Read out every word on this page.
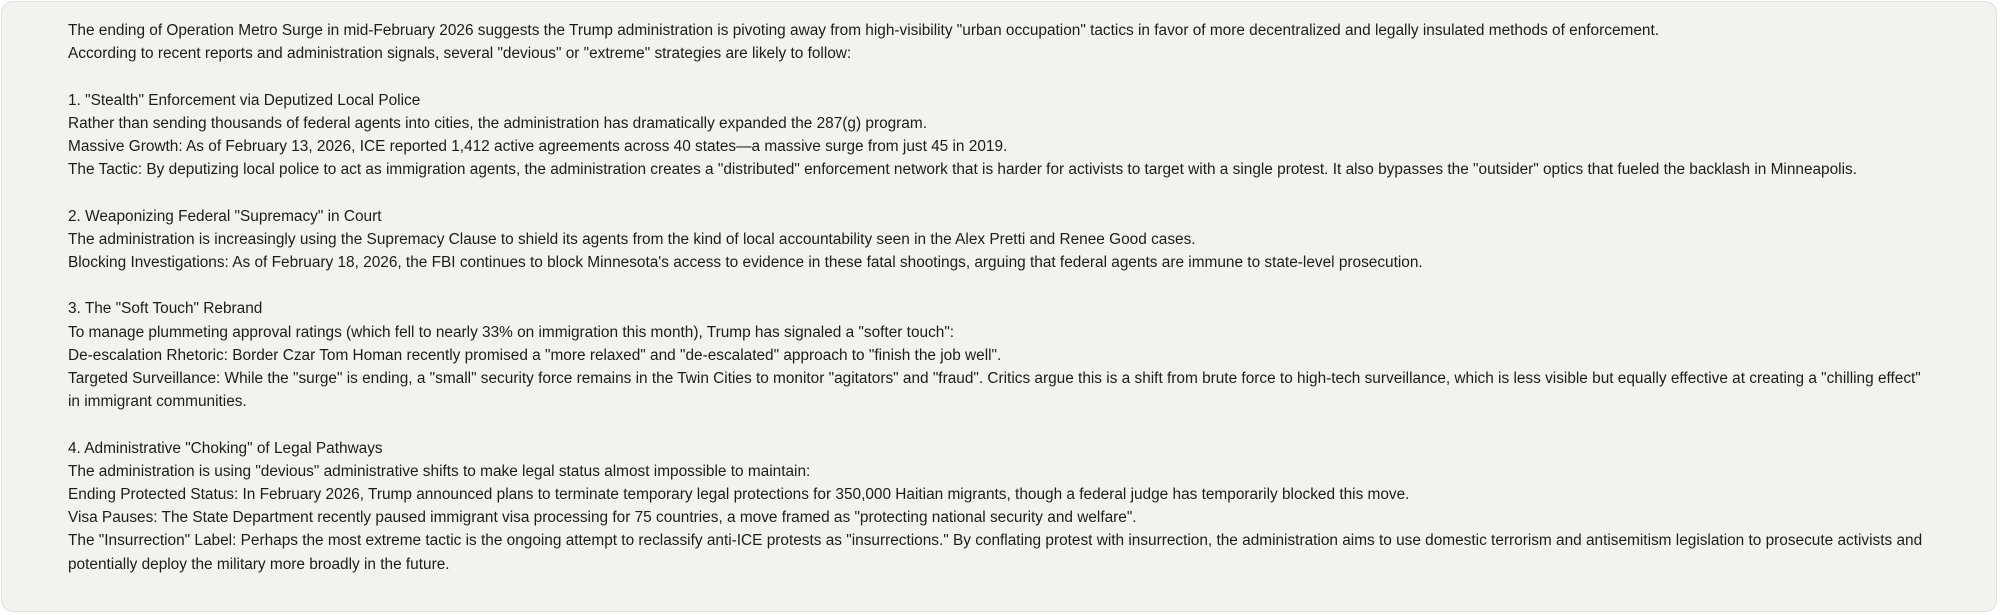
The ending of Operation Metro Surge in mid-February 2026 suggests the Trump administration is pivoting away from high-visibility "urban occupation" tactics in favor of more decentralized and legally insulated methods of enforcement.

According to recent reports and administration signals, several "devious" or "extreme" strategies are likely to follow:

1. "Stealth" Enforcement via Deputized Local Police

Rather than sending thousands of federal agents into cities, the administration has dramatically expanded the 287(g) program.

Massive Growth: As of February 13, 2026, ICE reported 1,412 active agreements across 40 states—a massive surge from just 45 in 2019.

The Tactic: By deputizing local police to act as immigration agents, the administration creates a "distributed" enforcement network that is harder for activists to target with a single protest. It also bypasses the "outsider" optics that fueled the backlash in Minneapolis.

2. Weaponizing Federal "Supremacy" in Court

The administration is increasingly using the Supremacy Clause to shield its agents from the kind of local accountability seen in the Alex Pretti and Renee Good cases.

Blocking Investigations: As of February 18, 2026, the FBI continues to block Minnesota's access to evidence in these fatal shootings, arguing that federal agents are immune to state-level prosecution.

3. The "Soft Touch" Rebrand

To manage plummeting approval ratings (which fell to nearly 33% on immigration this month), Trump has signaled a "softer touch":

De-escalation Rhetoric: Border Czar Tom Homan recently promised a "more relaxed" and "de-escalated" approach to "finish the job well".

Targeted Surveillance: While the "surge" is ending, a "small" security force remains in the Twin Cities to monitor "agitators" and "fraud". Critics argue this is a shift from brute force to high-tech surveillance, which is less visible but equally effective at creating a "chilling effect" in immigrant communities.

4. Administrative "Choking" of Legal Pathways

The administration is using "devious" administrative shifts to make legal status almost impossible to maintain:

Ending Protected Status: In February 2026, Trump announced plans to terminate temporary legal protections for 350,000 Haitian migrants, though a federal judge has temporarily blocked this move.

Visa Pauses: The State Department recently paused immigrant visa processing for 75 countries, a move framed as "protecting national security and welfare".

The "Insurrection" Label: Perhaps the most extreme tactic is the ongoing attempt to reclassify anti-ICE protests as "insurrections." By conflating protest with insurrection, the administration aims to use domestic terrorism and antisemitism legislation to prosecute activists and potentially deploy the military more broadly in the future.
